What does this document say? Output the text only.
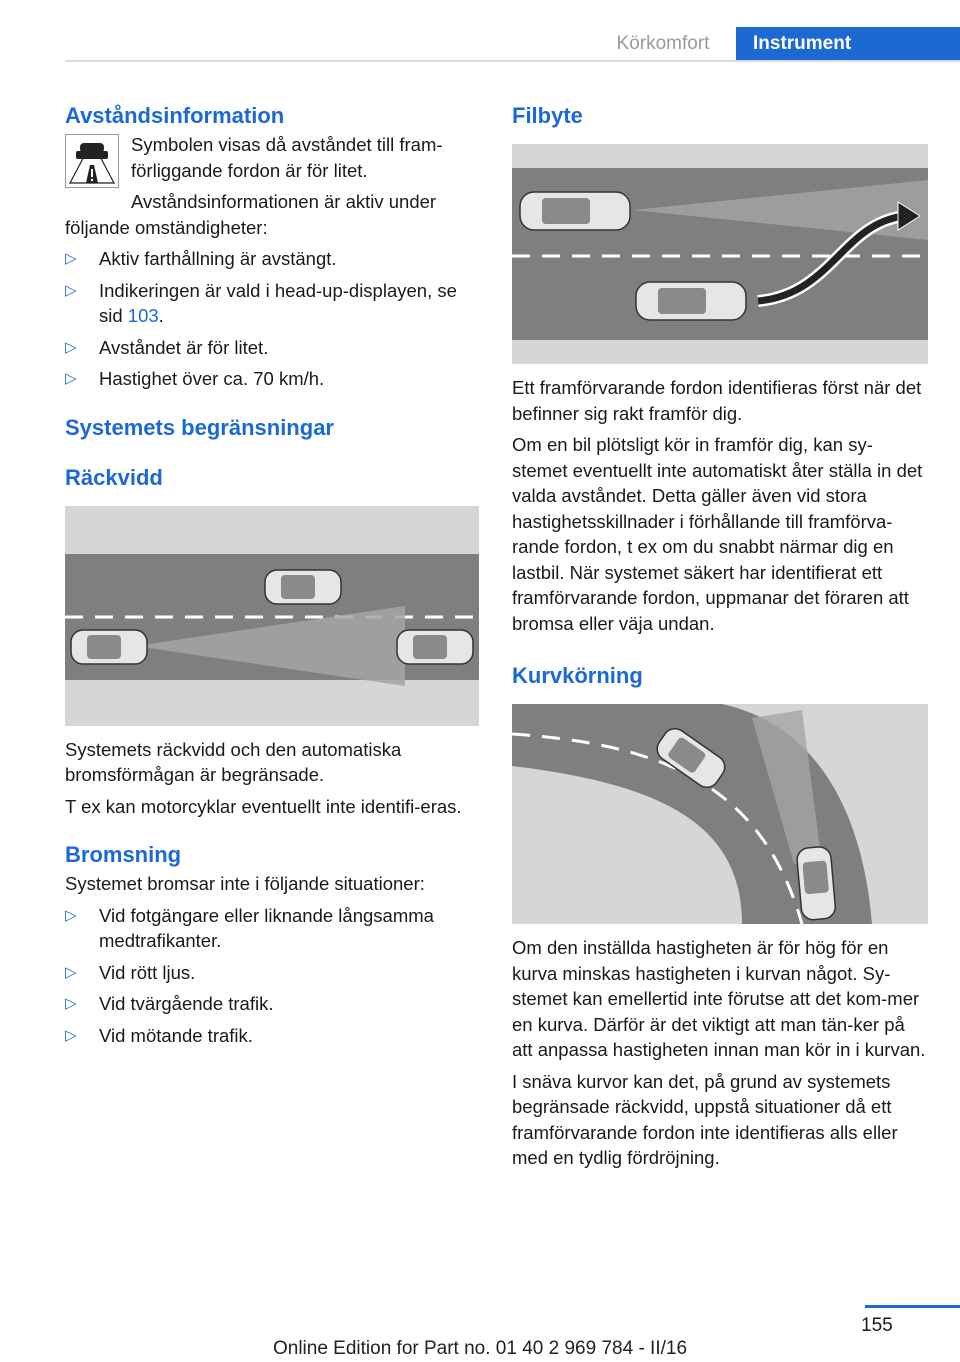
Körkomfort	Instrument
Avståndsinformation

Symbolen visas då avståndet till fram‐förliggande fordon är för litet.

Avståndsinformationen är aktiv under följande omständigheter:

▷ Aktiv farthållning är avstängt.
▷ Indikeringen är vald i head-up-displayen, se sid 103.
▷ Avståndet är för litet.
▷ Hastighet över ca. 70 km/h.
Systemets begränsningar
Räckvidd

Systemets räckvidd och den automatiska bromsförmågan är begränsade.

T ex kan motorcyklar eventuellt inte identifi‐eras.

Bromsning

Systemet bromsar inte i följande situationer:

▷ Vid fotgängare eller liknande långsamma medtrafikanter.
▷ Vid rött ljus.
▷ Vid tvärgående trafik.
▷ Vid mötande trafik.
Filbyte

Ett framförvarande fordon identifieras först när det befinner sig rakt framför dig.

Om en bil plötsligt kör in framför dig, kan sy‐stemet eventuellt inte automatiskt åter ställa in det valda avståndet. Detta gäller även vid stora hastighetsskillnader i förhållande till framförva‐rande fordon, t ex om du snabbt närmar dig en lastbil. När systemet säkert har identifierat ett framförvarande fordon, uppmanar det föraren att bromsa eller väja undan.

Kurvkörning

Om den inställda hastigheten är för hög för en kurva minskas hastigheten i kurvan något. Sy‐stemet kan emellertid inte förutse att det kom‐mer en kurva. Därför är det viktigt att man tän‐ker på att anpassa hastigheten innan man kör in i kurvan.

I snäva kurvor kan det, på grund av systemets begränsade räckvidd, uppstå situationer då ett framförvarande fordon inte identifieras alls eller med en tydlig fördröjning.

155
Online Edition for Part no. 01 40 2 969 784 - II/16
